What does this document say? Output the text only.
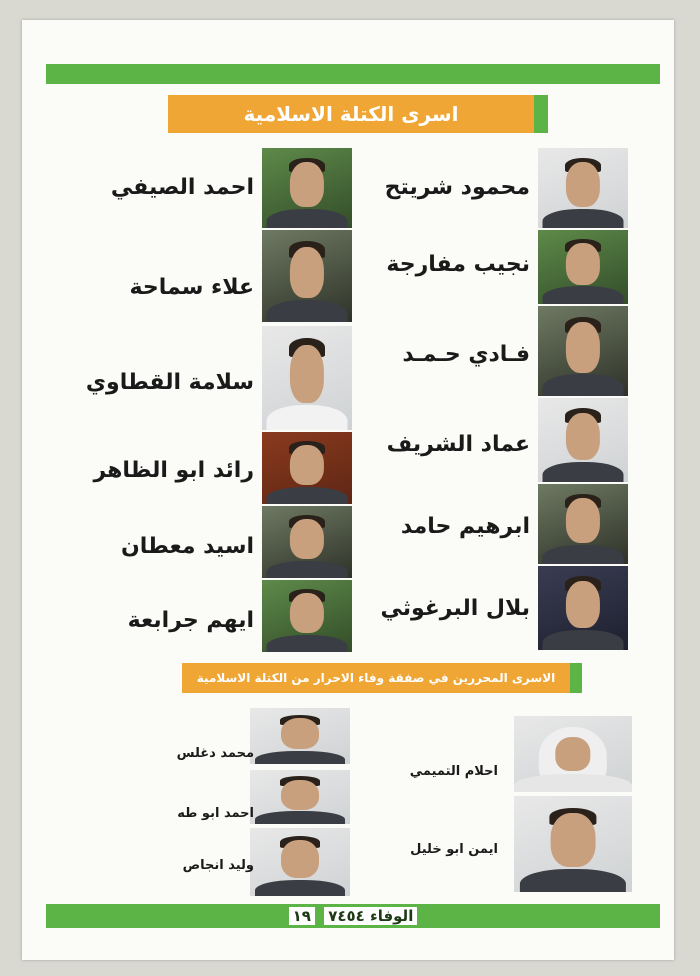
اسرى الكتلة الاسلامية
محمود شريتح
نجيب مفارجة
فـادي حـمـد
عماد الشريف
ابرهيم حامد
بلال البرغوثي
احمد الصيفي
علاء سماحة
سلامة القطاوي
رائد ابو الظاهر
اسيد معطان
ايهم جرابعة
الاسرى المحررين في صفقة وفاء الاحرار من الكتلة الاسلامية
احلام التميمي
ايمن ابو خليل
محمد دغلس
احمد ابو طه
وليد انجاص
الوفاء ٧٤٥٤ ١٩
